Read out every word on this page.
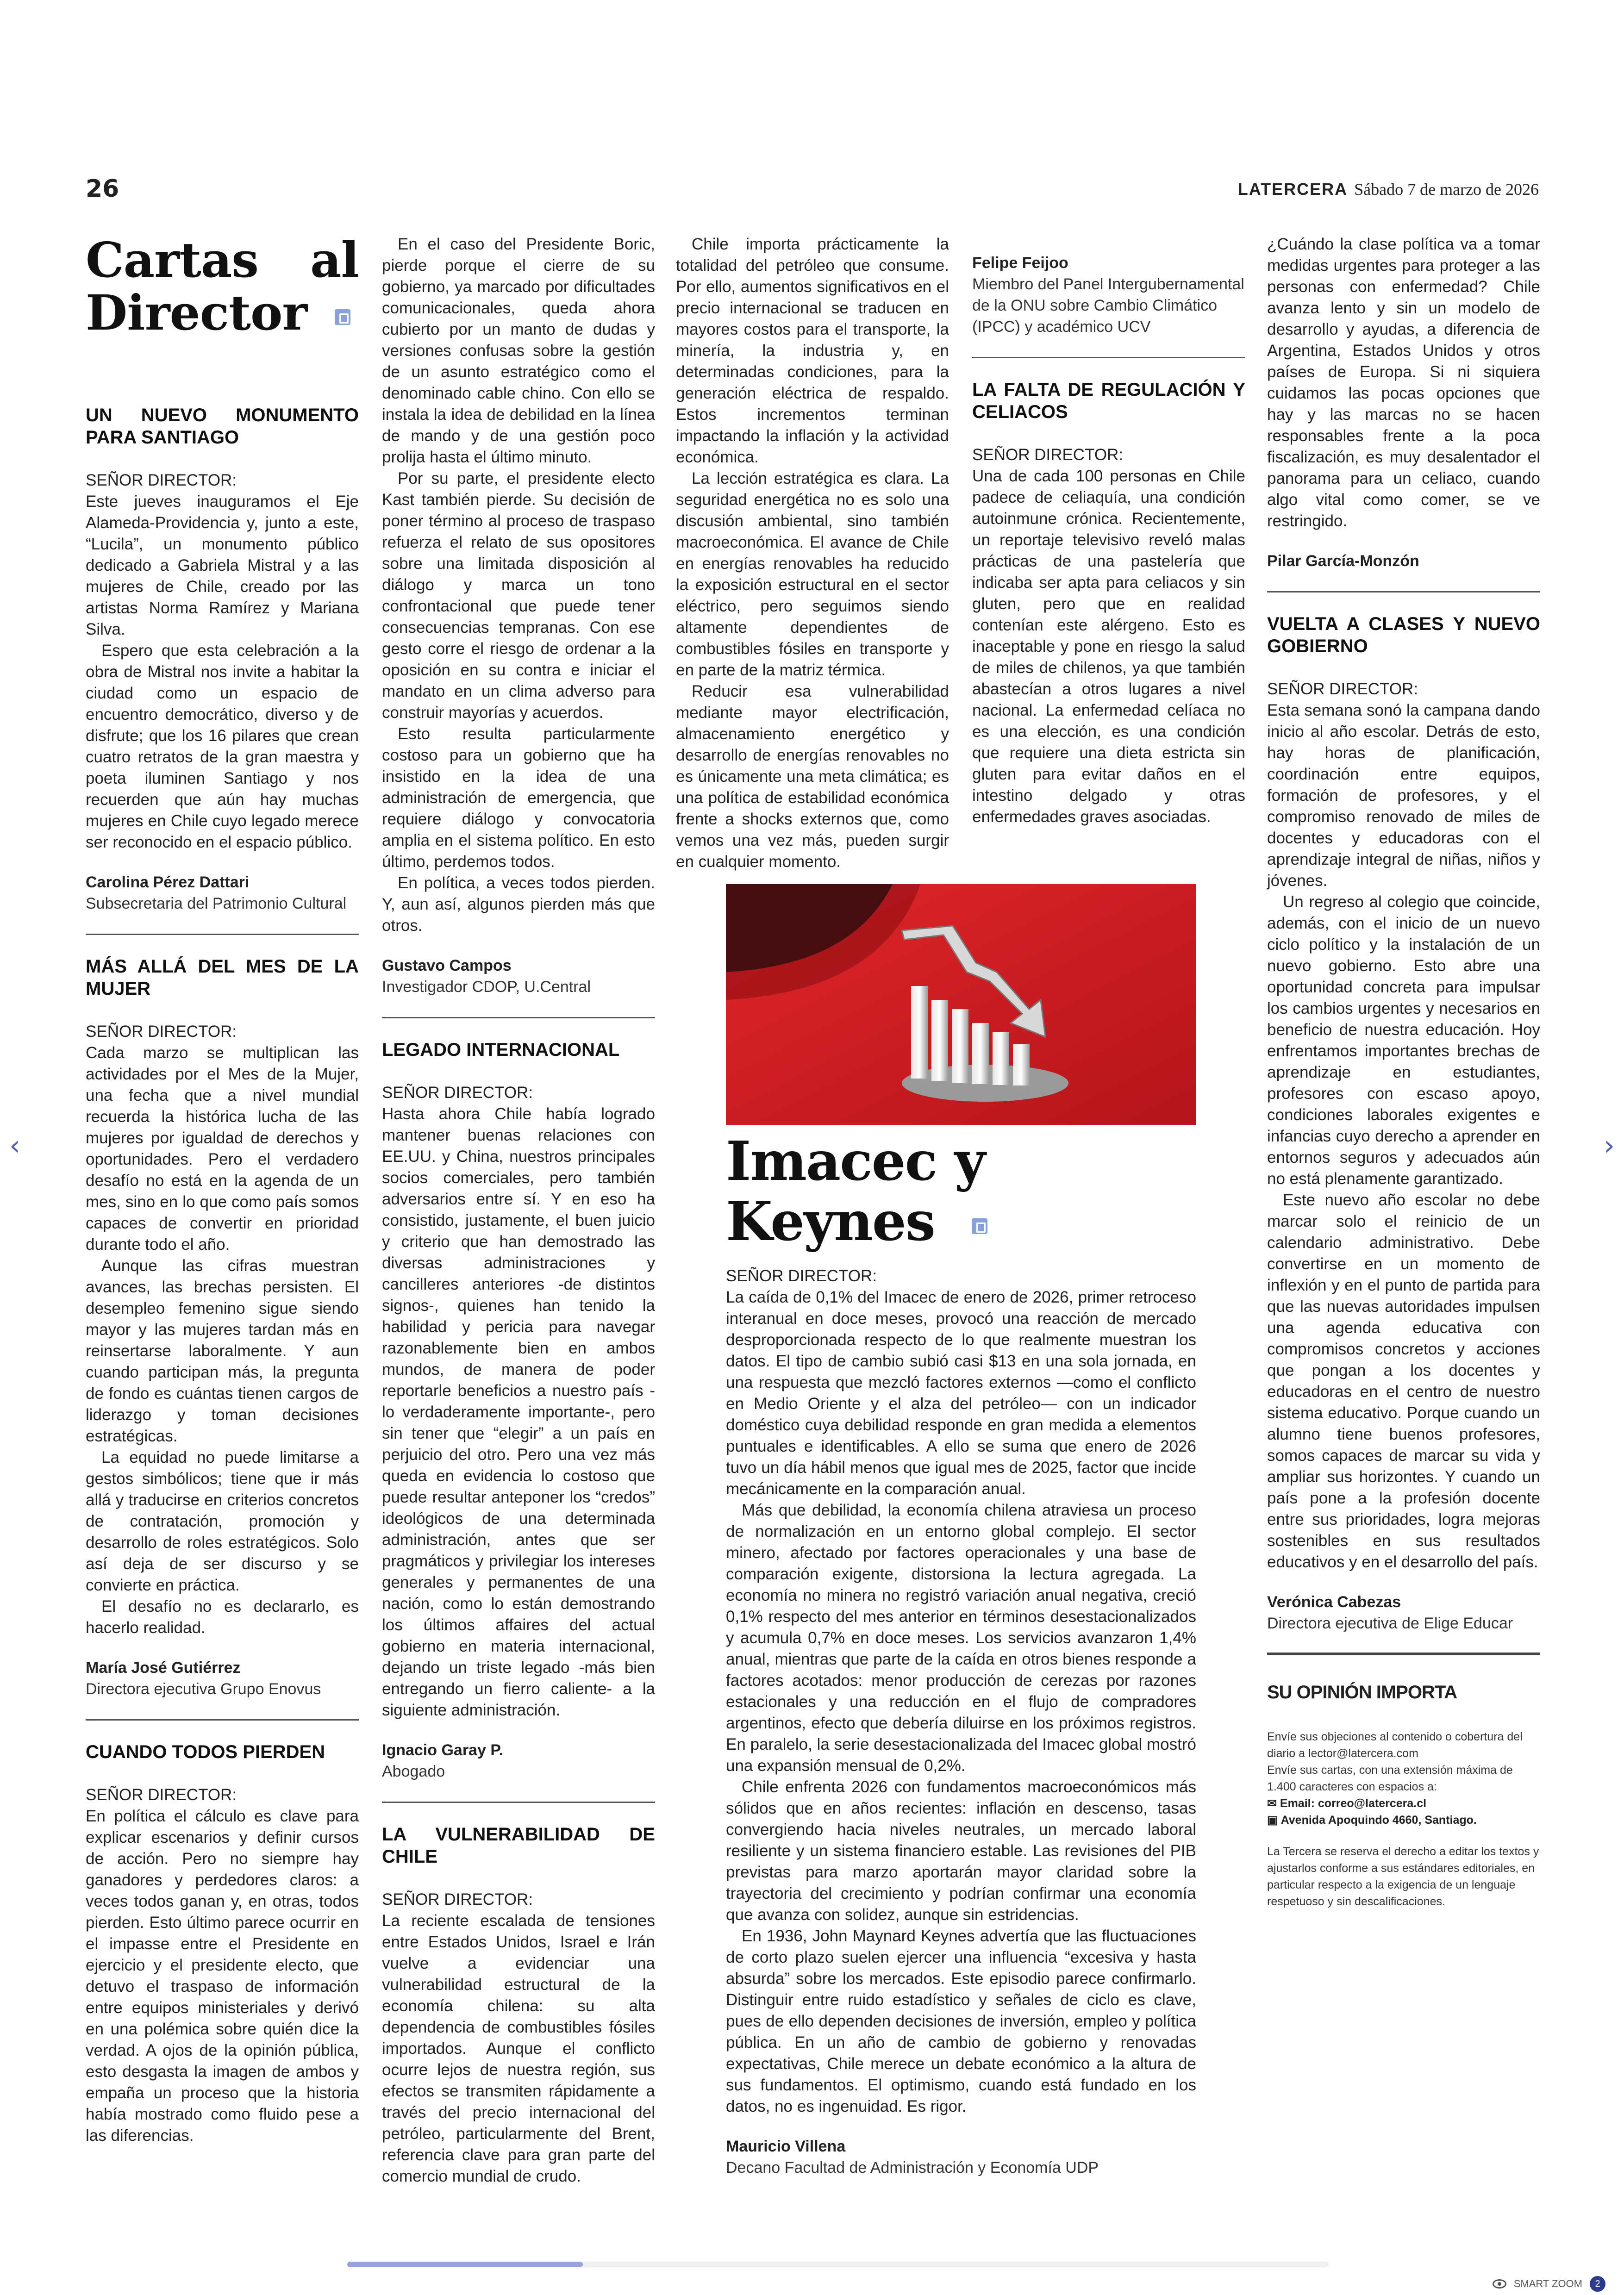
26	LATERCERA Sábado 7 de marzo de 2026
Cartas al Director
UN NUEVO MONUMENTO PARA SANTIAGO
SEÑOR DIRECTOR:

Este jueves inauguramos el Eje Alameda-Providencia y, junto a este, “Lucila”, un monumento público dedicado a Gabriela Mistral y a las mujeres de Chile, creado por las artistas Norma Ramírez y Mariana Silva.

Espero que esta celebración a la obra de Mistral nos invite a habitar la ciudad como un espacio de encuentro democrático, diverso y de disfrute; que los 16 pilares que crean cuatro retratos de la gran maestra y poeta iluminen Santiago y nos recuerden que aún hay muchas mujeres en Chile cuyo legado merece ser reconocido en el espacio público.

Carolina Pérez Dattari
Subsecretaria del Patrimonio Cultural
MÁS ALLÁ DEL MES DE LA MUJER
SEÑOR DIRECTOR:

Cada marzo se multiplican las actividades por el Mes de la Mujer, una fecha que a nivel mundial recuerda la histórica lucha de las mujeres por igualdad de derechos y oportunidades. Pero el verdadero desafío no está en la agenda de un mes, sino en lo que como país somos capaces de convertir en prioridad durante todo el año.

Aunque las cifras muestran avances, las brechas persisten. El desempleo femenino sigue siendo mayor y las mujeres tardan más en reinsertarse laboralmente. Y aun cuando participan más, la pregunta de fondo es cuántas tienen cargos de liderazgo y toman decisiones estratégicas.

La equidad no puede limitarse a gestos simbólicos; tiene que ir más allá y traducirse en criterios concretos de contratación, promoción y desarrollo de roles estratégicos. Solo así deja de ser discurso y se convierte en práctica.

El desafío no es declararlo, es hacerlo realidad.

María José Gutiérrez
Directora ejecutiva Grupo Enovus
CUANDO TODOS PIERDEN
SEÑOR DIRECTOR:

En política el cálculo es clave para explicar escenarios y definir cursos de acción. Pero no siempre hay ganadores y perdedores claros: a veces todos ganan y, en otras, todos pierden. Esto último parece ocurrir en el impasse entre el Presidente en ejercicio y el presidente electo, que detuvo el traspaso de información entre equipos ministeriales y derivó en una polémica sobre quién dice la verdad. A ojos de la opinión pública, esto desgasta la imagen de ambos y empaña un proceso que la historia había mostrado como fluido pese a las diferencias.

En el caso del Presidente Boric, pierde porque el cierre de su gobierno, ya marcado por dificultades comunicacionales, queda ahora cubierto por un manto de dudas y versiones confusas sobre la gestión de un asunto estratégico como el denominado cable chino. Con ello se instala la idea de debilidad en la línea de mando y de una gestión poco prolija hasta el último minuto.

Por su parte, el presidente electo Kast también pierde. Su decisión de poner término al proceso de traspaso refuerza el relato de sus opositores sobre una limitada disposición al diálogo y marca un tono confrontacional que puede tener consecuencias tempranas. Con ese gesto corre el riesgo de ordenar a la oposición en su contra e iniciar el mandato en un clima adverso para construir mayorías y acuerdos.

Esto resulta particularmente costoso para un gobierno que ha insistido en la idea de una administración de emergencia, que requiere diálogo y convocatoria amplia en el sistema político. En esto último, perdemos todos.

En política, a veces todos pierden. Y, aun así, algunos pierden más que otros.

Gustavo Campos
Investigador CDOP, U.Central
LEGADO INTERNACIONAL
SEÑOR DIRECTOR:

Hasta ahora Chile había logrado mantener buenas relaciones con EE.UU. y China, nuestros principales socios comerciales, pero también adversarios entre sí. Y en eso ha consistido, justamente, el buen juicio y criterio que han demostrado las diversas administraciones y cancilleres anteriores -de distintos signos-, quienes han tenido la habilidad y pericia para navegar razonablemente bien en ambos mundos, de manera de poder reportarle beneficios a nuestro país -lo verdaderamente importante-, pero sin tener que “elegir” a un país en perjuicio del otro. Pero una vez más queda en evidencia lo costoso que puede resultar anteponer los “credos” ideológicos de una determinada administración, antes que ser pragmáticos y privilegiar los intereses generales y permanentes de una nación, como lo están demostrando los últimos affaires del actual gobierno en materia internacional, dejando un triste legado -más bien entregando un fierro caliente- a la siguiente administración.

Ignacio Garay P.
Abogado
LA VULNERABILIDAD DE CHILE
SEÑOR DIRECTOR:

La reciente escalada de tensiones entre Estados Unidos, Israel e Irán vuelve a evidenciar una vulnerabilidad estructural de la economía chilena: su alta dependencia de combustibles fósiles importados. Aunque el conflicto ocurre lejos de nuestra región, sus efectos se transmiten rápidamente a través del precio internacional del petróleo, particularmente del Brent, referencia clave para gran parte del comercio mundial de crudo.

Chile importa prácticamente la totalidad del petróleo que consume. Por ello, aumentos significativos en el precio internacional se traducen en mayores costos para el transporte, la minería, la industria y, en determinadas condiciones, para la generación eléctrica de respaldo. Estos incrementos terminan impactando la inflación y la actividad económica.

La lección estratégica es clara. La seguridad energética no es solo una discusión ambiental, sino también macroeconómica. El avance de Chile en energías renovables ha reducido la exposición estructural en el sector eléctrico, pero seguimos siendo altamente dependientes de combustibles fósiles en transporte y en parte de la matriz térmica.

Reducir esa vulnerabilidad mediante mayor electrificación, almacenamiento energético y desarrollo de energías renovables no es únicamente una meta climática; es una política de estabilidad económica frente a shocks externos que, como vemos una vez más, pueden surgir en cualquier momento.

Felipe Feijoo
Miembro del Panel Intergubernamental de la ONU sobre Cambio Climático (IPCC) y académico UCV
LA FALTA DE REGULACIÓN Y CELIACOS
SEÑOR DIRECTOR:

Una de cada 100 personas en Chile padece de celiaquía, una condición autoinmune crónica. Recientemente, un reportaje televisivo reveló malas prácticas de una pastelería que indicaba ser apta para celiacos y sin gluten, pero que en realidad contenían este alérgeno. Esto es inaceptable y pone en riesgo la salud de miles de chilenos, ya que también abastecían a otros lugares a nivel nacional. La enfermedad celíaca no es una elección, es una condición que requiere una dieta estricta sin gluten para evitar daños en el intestino delgado y otras enfermedades graves asociadas.

¿Cuándo la clase política va a tomar medidas urgentes para proteger a las personas con enfermedad? Chile avanza lento y sin un modelo de desarrollo y ayudas, a diferencia de Argentina, Estados Unidos y otros países de Europa. Si ni siquiera cuidamos las pocas opciones que hay y las marcas no se hacen responsables frente a la poca fiscalización, es muy desalentador el panorama para un celiaco, cuando algo vital como comer, se ve restringido.

Pilar García-Monzón
VUELTA A CLASES Y NUEVO GOBIERNO
SEÑOR DIRECTOR:

Esta semana sonó la campana dando inicio al año escolar. Detrás de esto, hay horas de planificación, coordinación entre equipos, formación de profesores, y el compromiso renovado de miles de docentes y educadoras con el aprendizaje integral de niñas, niños y jóvenes.

Un regreso al colegio que coincide, además, con el inicio de un nuevo ciclo político y la instalación de un nuevo gobierno. Esto abre una oportunidad concreta para impulsar los cambios urgentes y necesarios en beneficio de nuestra educación. Hoy enfrentamos importantes brechas de aprendizaje en estudiantes, profesores con escaso apoyo, condiciones laborales exigentes e infancias cuyo derecho a aprender en entornos seguros y adecuados aún no está plenamente garantizado.

Este nuevo año escolar no debe marcar solo el reinicio de un calendario administrativo. Debe convertirse en un momento de inflexión y en el punto de partida para que las nuevas autoridades impulsen una agenda educativa con compromisos concretos y acciones que pongan a los docentes y educadoras en el centro de nuestro sistema educativo. Porque cuando un alumno tiene buenos profesores, somos capaces de marcar su vida y ampliar sus horizontes. Y cuando un país pone a la profesión docente entre sus prioridades, logra mejoras sostenibles en sus resultados educativos y en el desarrollo del país.

Verónica Cabezas
Directora ejecutiva de Elige Educar
SU OPINIÓN IMPORTA
Envíe sus objeciones al contenido o cobertura del diario a lector@latercera.com
Envíe sus cartas, con una extensión máxima de 1.400 caracteres con espacios a:
✉ Email: correo@latercera.cl
▣ Avenida Apoquindo 4660, Santiago.
La Tercera se reserva el derecho a editar los textos y ajustarlos conforme a sus estándares editoriales, en particular respecto a la exigencia de un lenguaje respetuoso y sin descalificaciones.
Imacec y Keynes
SEÑOR DIRECTOR:

La caída de 0,1% del Imacec de enero de 2026, primer retroceso interanual en doce meses, provocó una reacción de mercado desproporcionada respecto de lo que realmente muestran los datos. El tipo de cambio subió casi $13 en una sola jornada, en una respuesta que mezcló factores externos —como el conflicto en Medio Oriente y el alza del petróleo— con un indicador doméstico cuya debilidad responde en gran medida a elementos puntuales e identificables. A ello se suma que enero de 2026 tuvo un día hábil menos que igual mes de 2025, factor que incide mecánicamente en la comparación anual.

Más que debilidad, la economía chilena atraviesa un proceso de normalización en un entorno global complejo. El sector minero, afectado por factores operacionales y una base de comparación exigente, distorsiona la lectura agregada. La economía no minera no registró variación anual negativa, creció 0,1% respecto del mes anterior en términos desestacionalizados y acumula 0,7% en doce meses. Los servicios avanzaron 1,4% anual, mientras que parte de la caída en otros bienes responde a factores acotados: menor producción de cerezas por razones estacionales y una reducción en el flujo de compradores argentinos, efecto que debería diluirse en los próximos registros. En paralelo, la serie desestacionalizada del Imacec global mostró una expansión mensual de 0,2%.

Chile enfrenta 2026 con fundamentos macroeconómicos más sólidos que en años recientes: inflación en descenso, tasas convergiendo hacia niveles neutrales, un mercado laboral resiliente y un sistema financiero estable. Las revisiones del PIB previstas para marzo aportarán mayor claridad sobre la trayectoria del crecimiento y podrían confirmar una economía que avanza con solidez, aunque sin estridencias.

En 1936, John Maynard Keynes advertía que las fluctuaciones de corto plazo suelen ejercer una influencia “excesiva y hasta absurda” sobre los mercados. Este episodio parece confirmarlo. Distinguir entre ruido estadístico y señales de ciclo es clave, pues de ello dependen decisiones de inversión, empleo y política pública. En un año de cambio de gobierno y renovadas expectativas, Chile merece un debate económico a la altura de sus fundamentos. El optimismo, cuando está fundado en los datos, no es ingenuidad. Es rigor.

Mauricio Villena
Decano Facultad de Administración y Economía UDP
‹	›
SMART ZOOM	2
